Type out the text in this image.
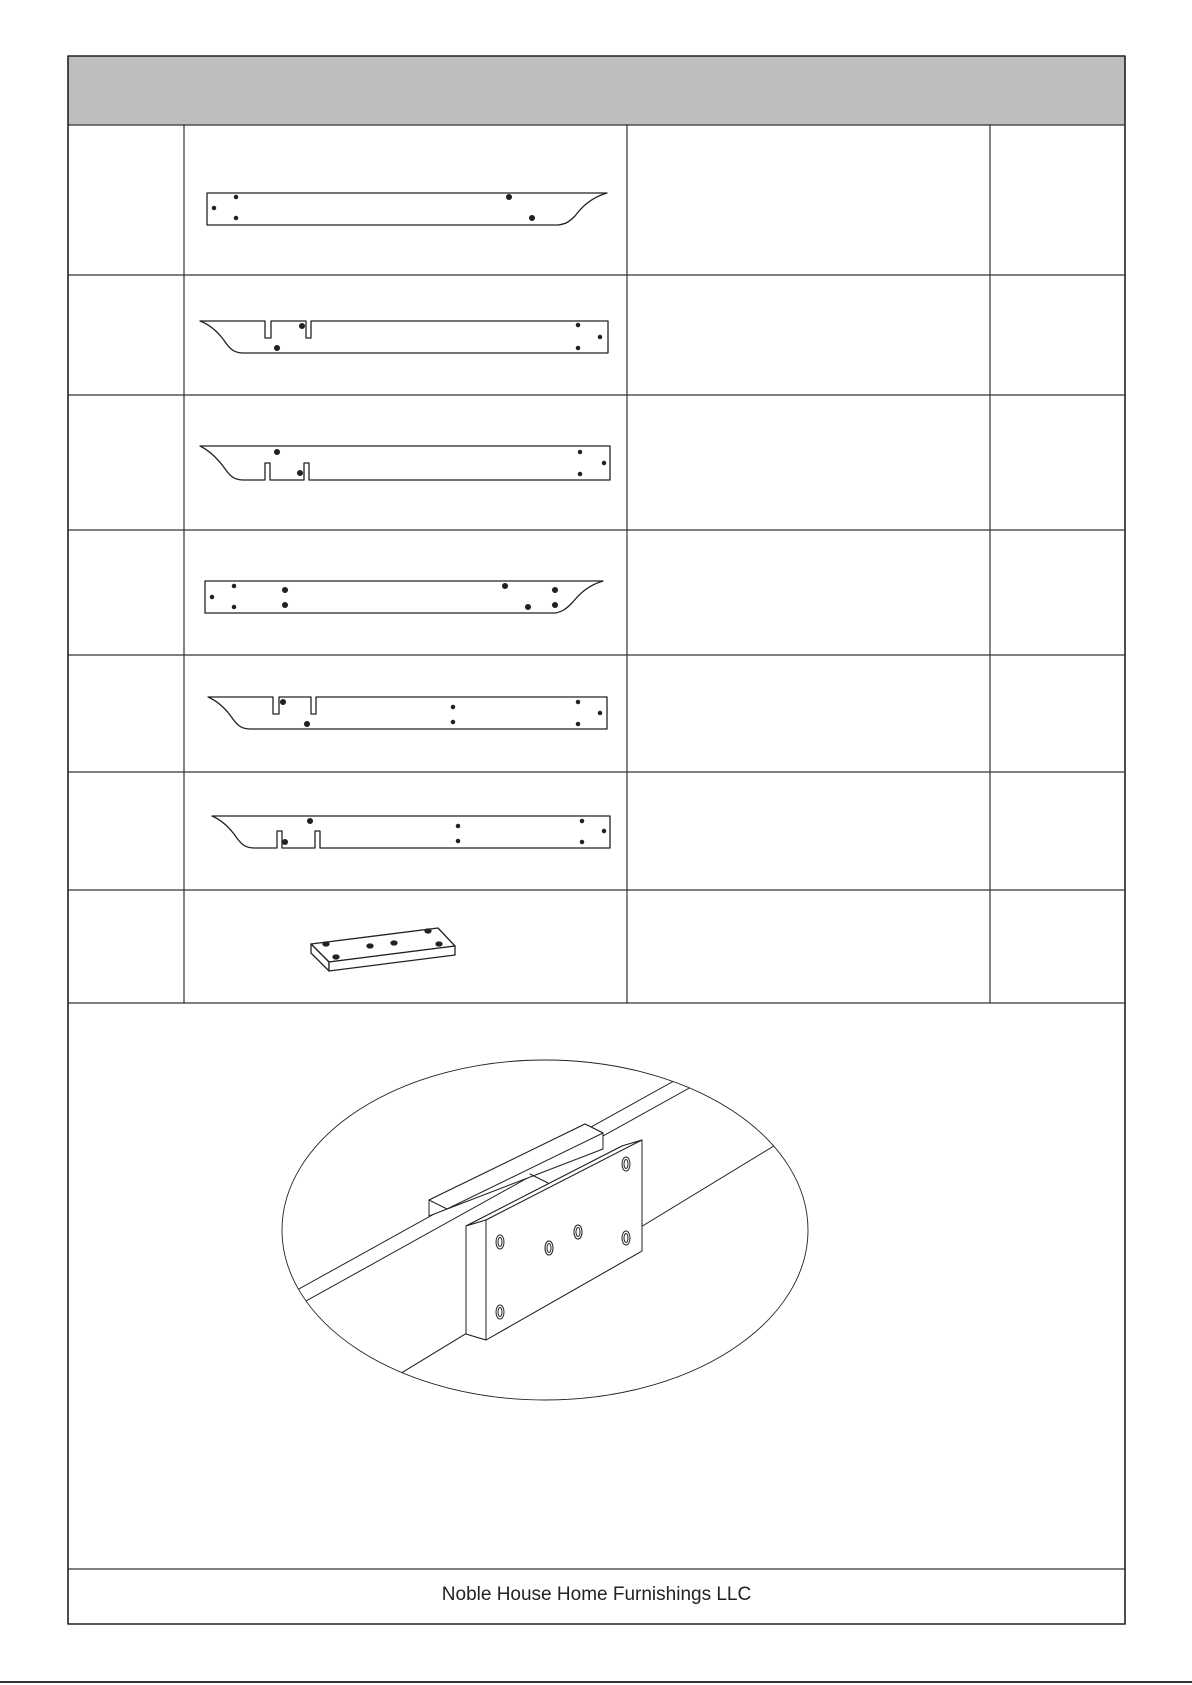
Noble House Home Furnishings LLC
